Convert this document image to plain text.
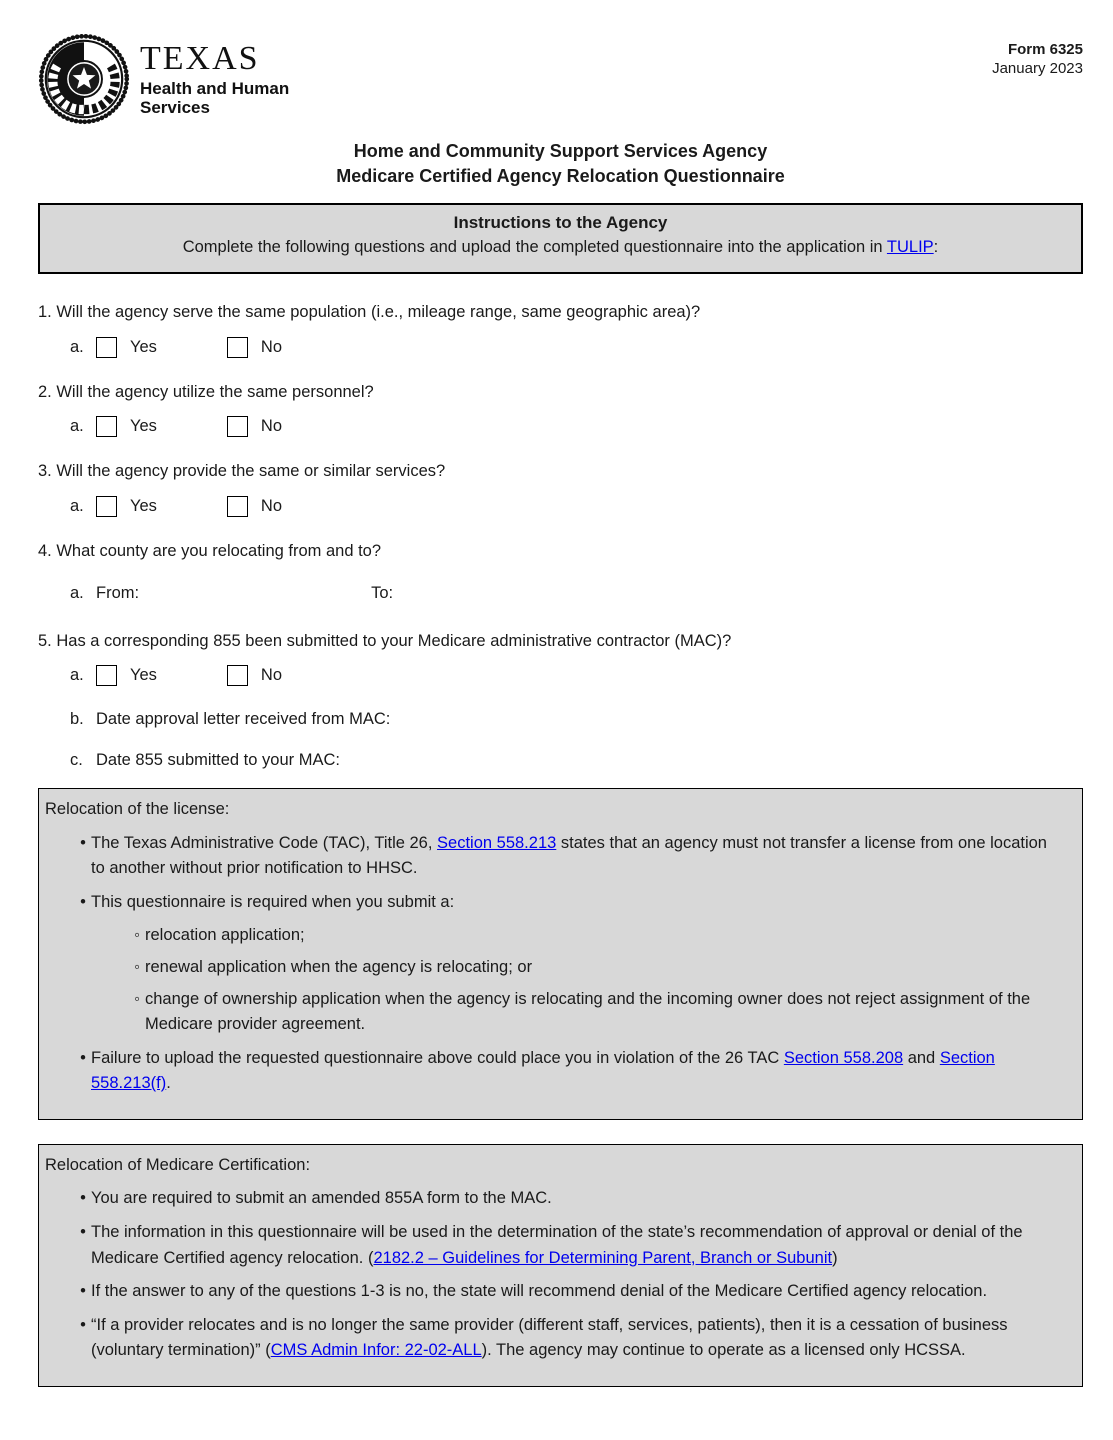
TEXAS
Health and Human
Services
Form 6325
January 2023
Home and Community Support Services Agency
Medicare Certified Agency Relocation Questionnaire
Instructions to the Agency
Complete the following questions and upload the completed questionnaire into the application in TULIP:
1. Will the agency serve the same population (i.e., mileage range, same geographic area)?
a.	Yes	No
2. Will the agency utilize the same personnel?
a.	Yes	No
3. Will the agency provide the same or similar services?
a.	Yes	No
4. What county are you relocating from and to?
a. From:	To:
5. Has a corresponding 855 been submitted to your Medicare administrative contractor (MAC)?
a.	Yes	No
b. Date approval letter received from MAC:
c. Date 855 submitted to your MAC:
Relocation of the license:
• The Texas Administrative Code (TAC), Title 26, Section 558.213 states that an agency must not transfer a license from one location to another without prior notification to HHSC.
• This questionnaire is required when you submit a:
◦ relocation application;
◦ renewal application when the agency is relocating; or
◦ change of ownership application when the agency is relocating and the incoming owner does not reject assignment of the Medicare provider agreement.
• Failure to upload the requested questionnaire above could place you in violation of the 26 TAC Section 558.208 and Section 558.213(f).
Relocation of Medicare Certification:
• You are required to submit an amended 855A form to the MAC.
• The information in this questionnaire will be used in the determination of the state’s recommendation of approval or denial of the Medicare Certified agency relocation. (2182.2 – Guidelines for Determining Parent, Branch or Subunit)
• If the answer to any of the questions 1-3 is no, the state will recommend denial of the Medicare Certified agency relocation.
• “If a provider relocates and is no longer the same provider (different staff, services, patients), then it is a cessation of business (voluntary termination)” (CMS Admin Infor: 22-02-ALL). The agency may continue to operate as a licensed only HCSSA.
